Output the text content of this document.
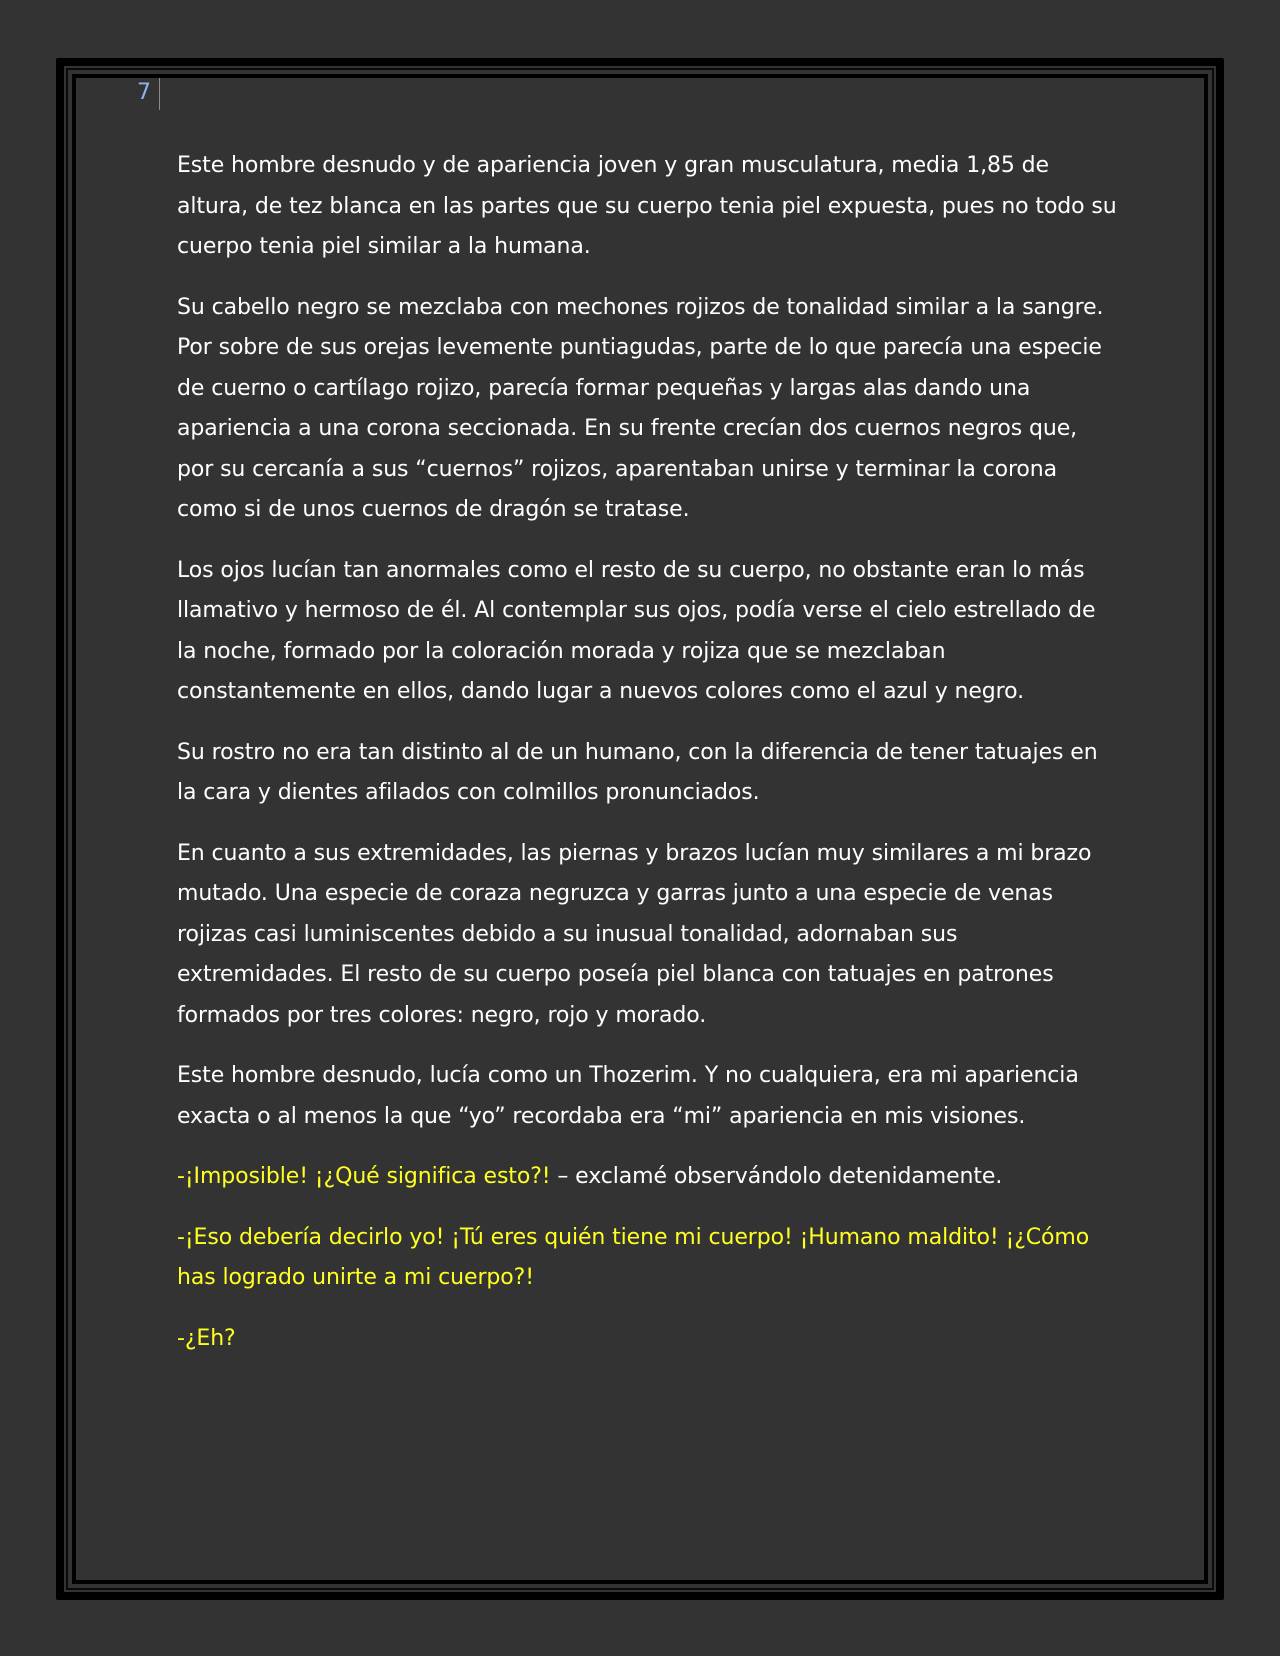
7

Este hombre desnudo y de apariencia joven y gran musculatura, media 1,85 de altura, de tez blanca en las partes que su cuerpo tenia piel expuesta, pues no todo su cuerpo tenia piel similar a la humana.

Su cabello negro se mezclaba con mechones rojizos de tonalidad similar a la sangre. Por sobre de sus orejas levemente puntiagudas, parte de lo que parecía una especie de cuerno o cartílago rojizo, parecía formar pequeñas y largas alas dando una apariencia a una corona seccionada. En su frente crecían dos cuernos negros que, por su cercanía a sus “cuernos” rojizos, aparentaban unirse y terminar la corona como si de unos cuernos de dragón se tratase.

Los ojos lucían tan anormales como el resto de su cuerpo, no obstante eran lo más llamativo y hermoso de él. Al contemplar sus ojos, podía verse el cielo estrellado de la noche, formado por la coloración morada y rojiza que se mezclaban constantemente en ellos, dando lugar a nuevos colores como el azul y negro.

Su rostro no era tan distinto al de un humano, con la diferencia de tener tatuajes en la cara y dientes afilados con colmillos pronunciados.

En cuanto a sus extremidades, las piernas y brazos lucían muy similares a mi brazo mutado. Una especie de coraza negruzca y garras junto a una especie de venas rojizas casi luminiscentes debido a su inusual tonalidad, adornaban sus extremidades. El resto de su cuerpo poseía piel blanca con tatuajes en patrones formados por tres colores: negro, rojo y morado.

Este hombre desnudo, lucía como un Thozerim. Y no cualquiera, era mi apariencia exacta o al menos la que “yo” recordaba era “mi” apariencia en mis visiones.

-¡Imposible! ¡¿Qué significa esto?! – exclamé observándolo detenidamente.

-¡Eso debería decirlo yo! ¡Tú eres quién tiene mi cuerpo! ¡Humano maldito! ¡¿Cómo has logrado unirte a mi cuerpo?!

-¿Eh?
